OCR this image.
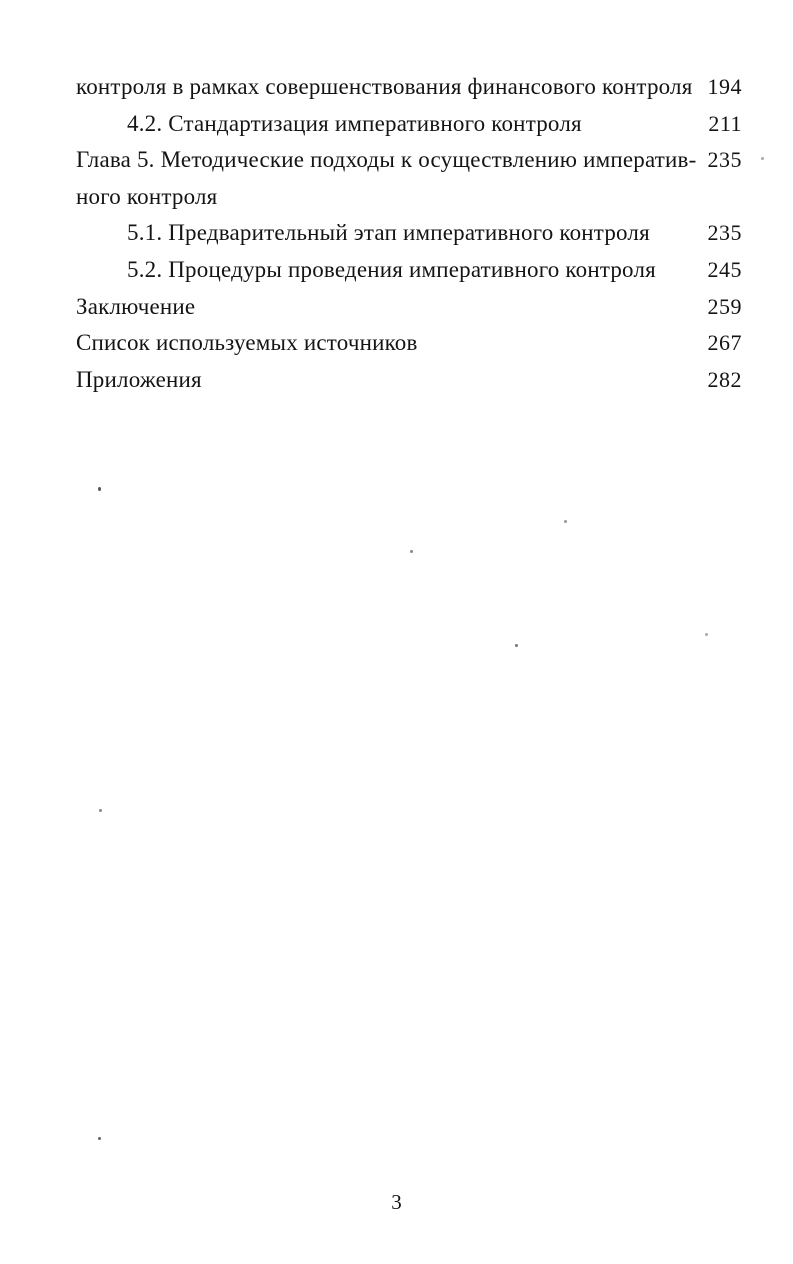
контроля в рамках совершенствования финансового контроля 194
4.2. Стандартизация императивного контроля	211
Глава 5. Методические подходы к осуществлению императив- 235
ного контроля
5.1. Предварительный этап императивного контроля	235
5.2. Процедуры проведения императивного контроля	245
Заключение	259
Список используемых источников	267
Приложения	282
3
